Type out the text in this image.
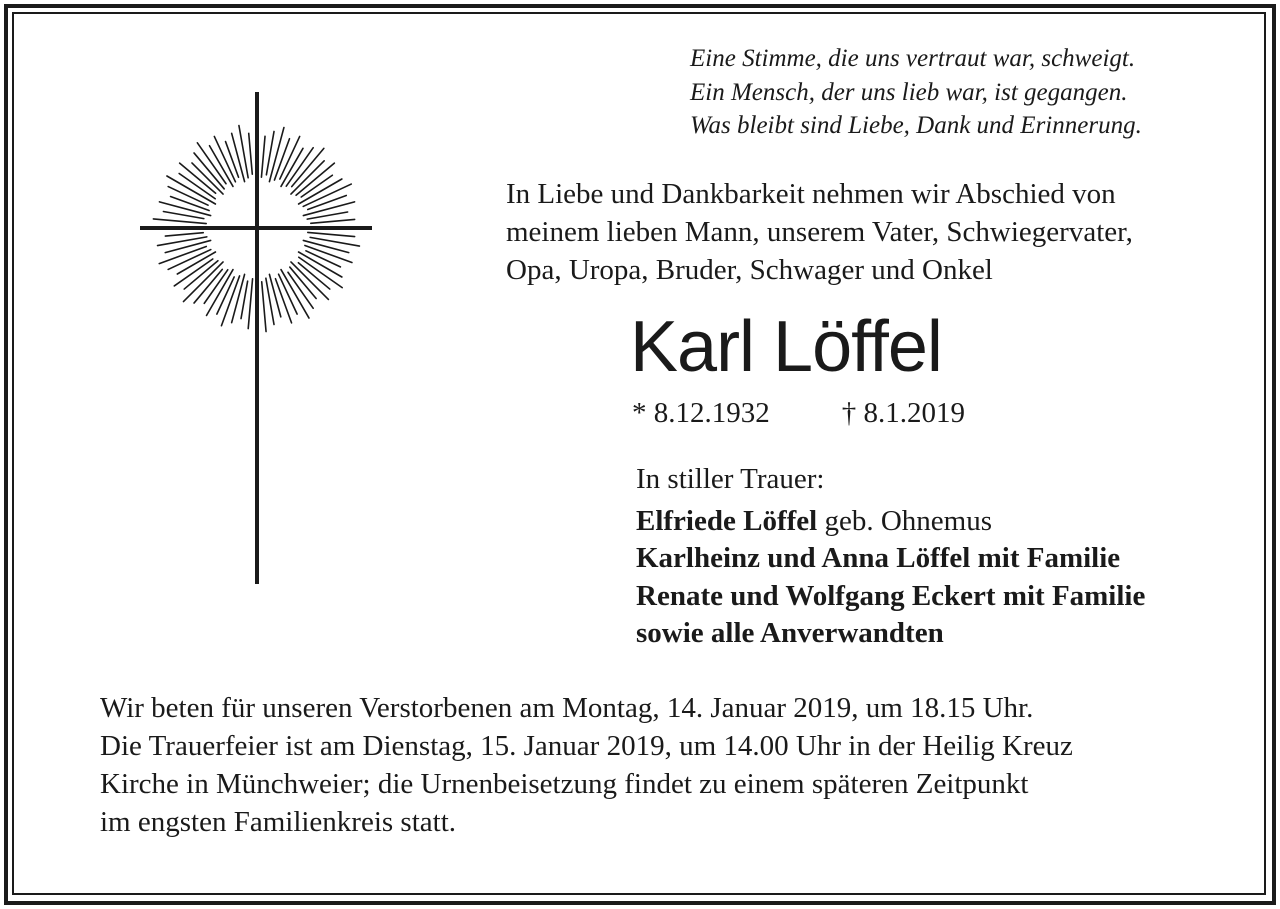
Eine Stimme, die uns vertraut war, schweigt.
Ein Mensch, der uns lieb war, ist gegangen.
Was bleibt sind Liebe, Dank und Erinnerung.
In Liebe und Dankbarkeit nehmen wir Abschied von
meinem lieben Mann, unserem Vater, Schwiegervater,
Opa, Uropa, Bruder, Schwager und Onkel
Karl Löffel
* 8.12.1932 † 8.1.2019
In stiller Trauer:
Elfriede Löffel geb. Ohnemus
Karlheinz und Anna Löffel mit Familie
Renate und Wolfgang Eckert mit Familie
sowie alle Anverwandten
Wir beten für unseren Verstorbenen am Montag, 14. Januar 2019, um 18.15 Uhr.
Die Trauerfeier ist am Dienstag, 15. Januar 2019, um 14.00 Uhr in der Heilig Kreuz
Kirche in Münchweier; die Urnenbeisetzung findet zu einem späteren Zeitpunkt
im engsten Familienkreis statt.
